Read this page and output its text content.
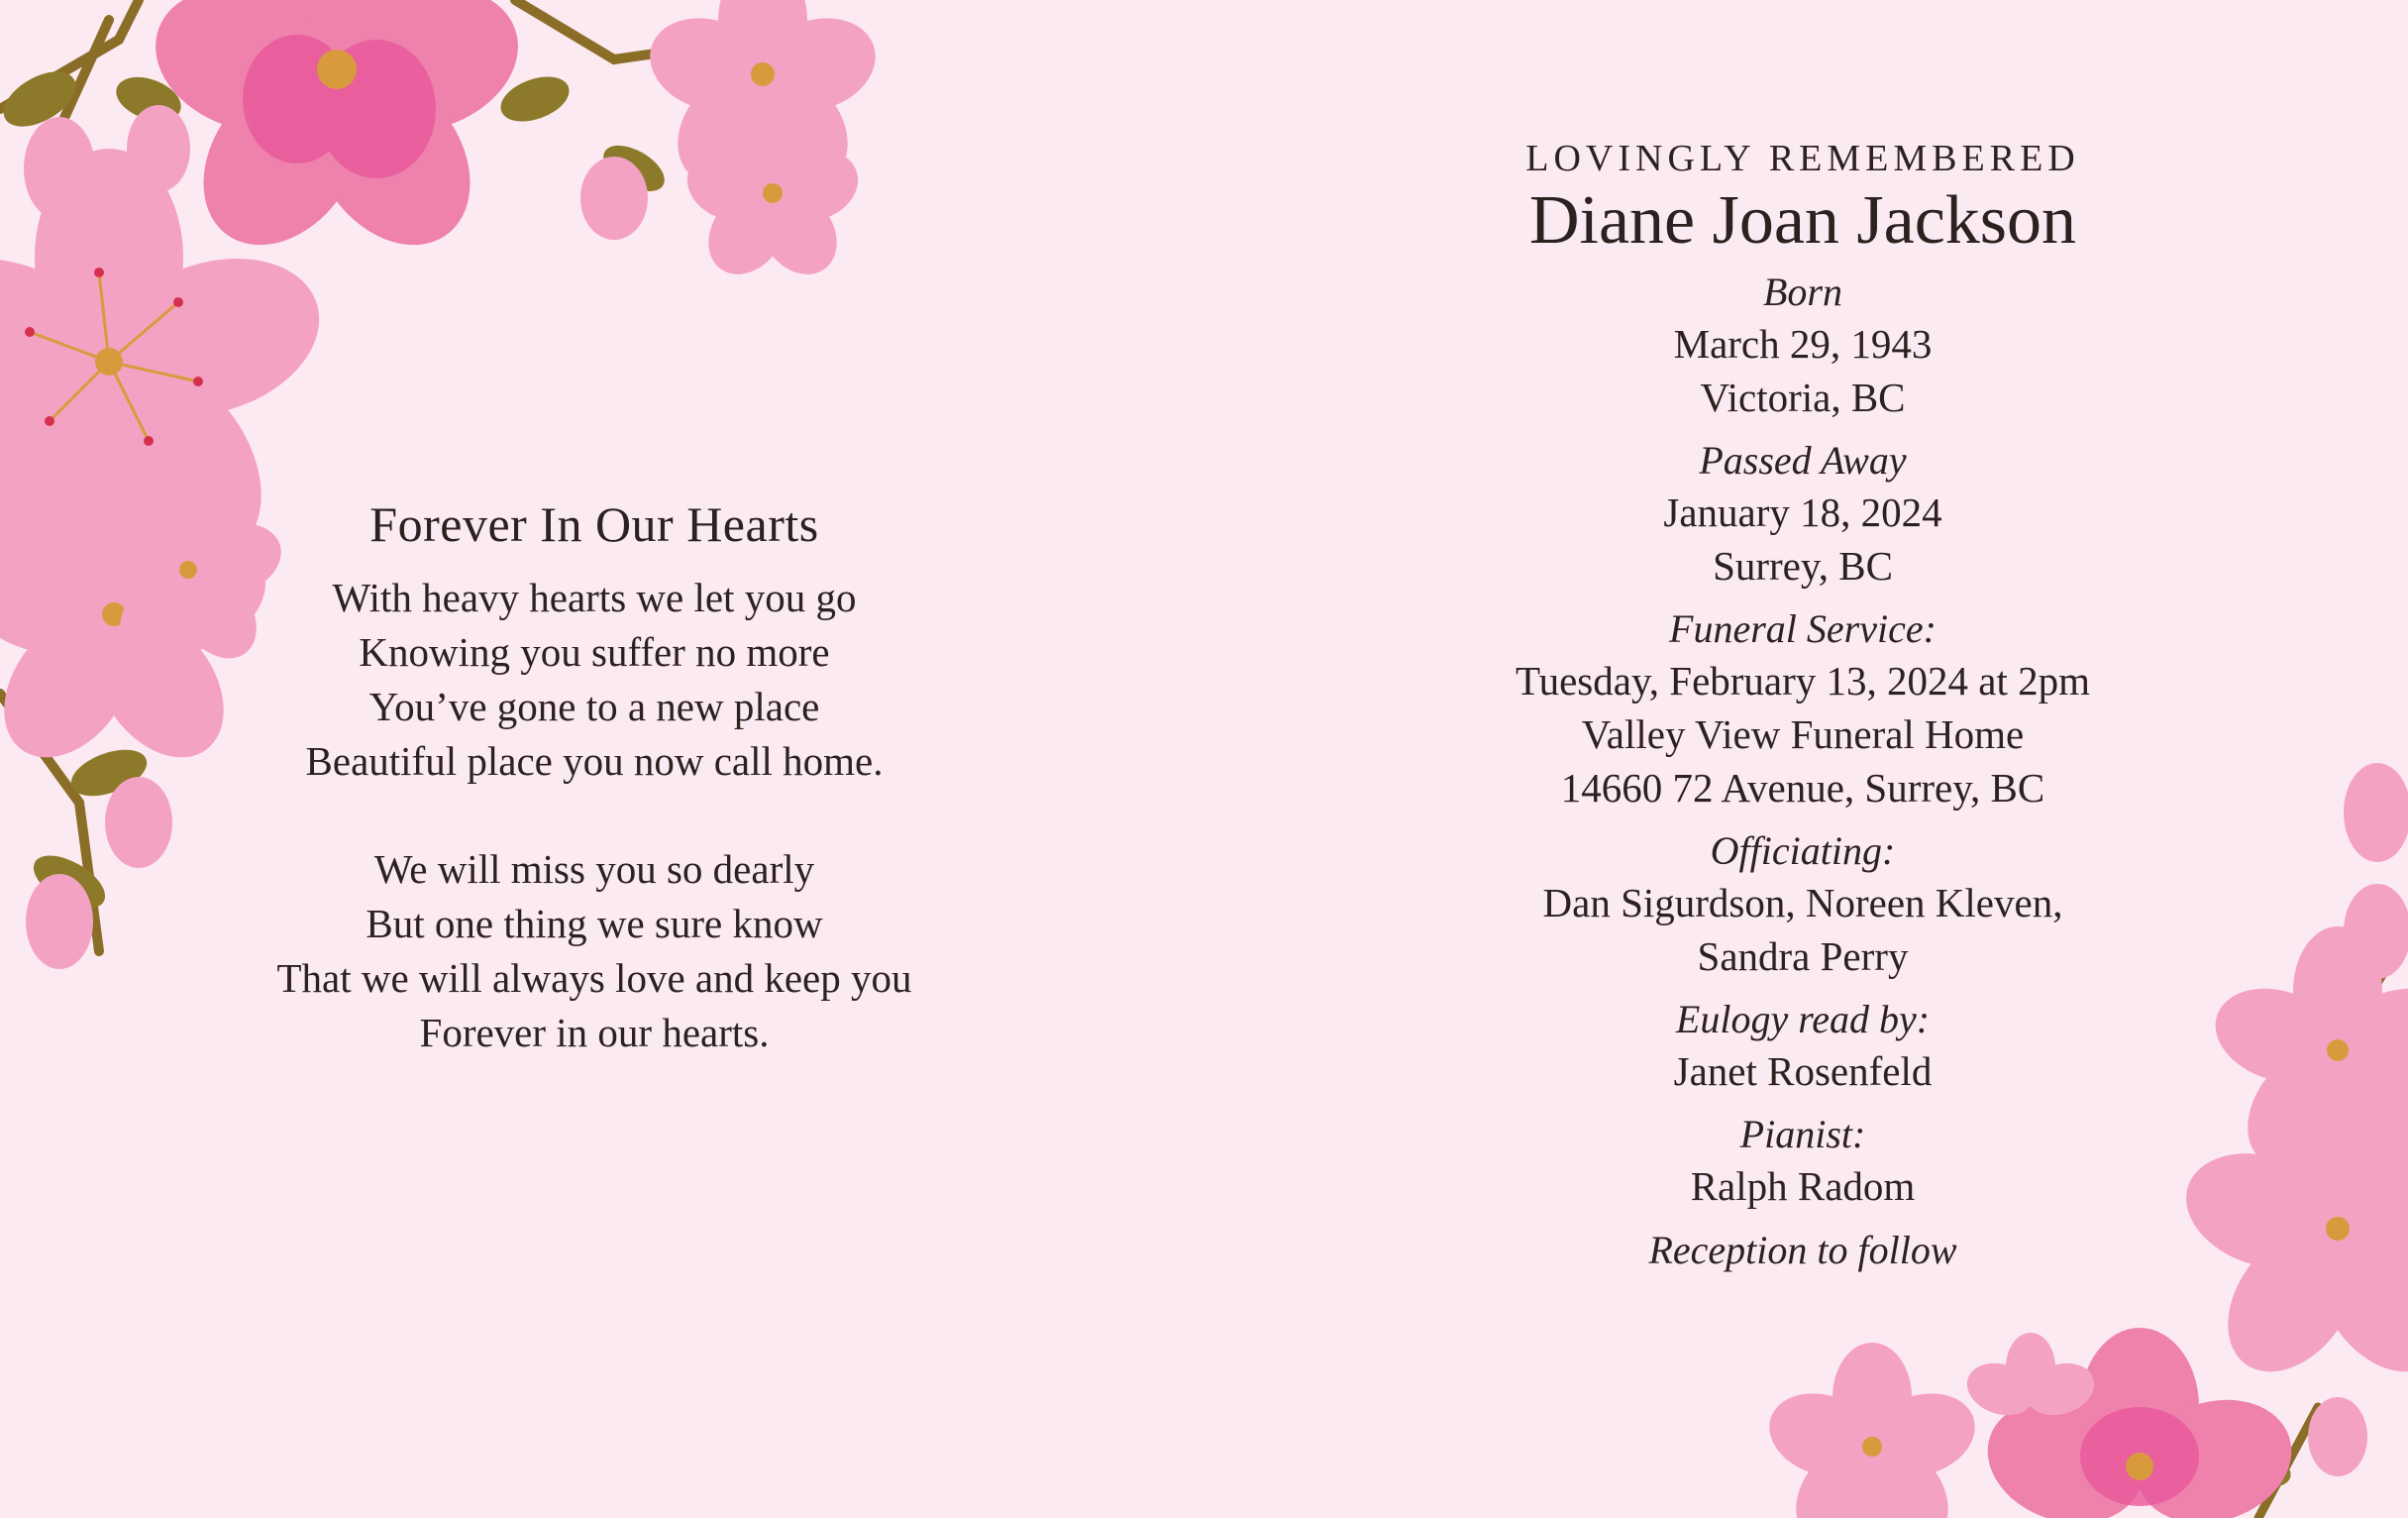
Forever In Our Hearts
With heavy hearts we let you go
Knowing you suffer no more
You’ve gone to a new place
Beautiful place you now call home.
We will miss you so dearly
But one thing we sure know
That we will always love and keep you
Forever in our hearts.
LOVINGLY REMEMBERED
Diane Joan Jackson
Born
March 29, 1943
Victoria, BC
Passed Away
January 18, 2024
Surrey, BC
Funeral Service:
Tuesday, February 13, 2024 at 2pm
Valley View Funeral Home
14660 72 Avenue, Surrey, BC
Officiating:
Dan Sigurdson, Noreen Kleven,
Sandra Perry
Eulogy read by:
Janet Rosenfeld
Pianist:
Ralph Radom
Reception to follow
